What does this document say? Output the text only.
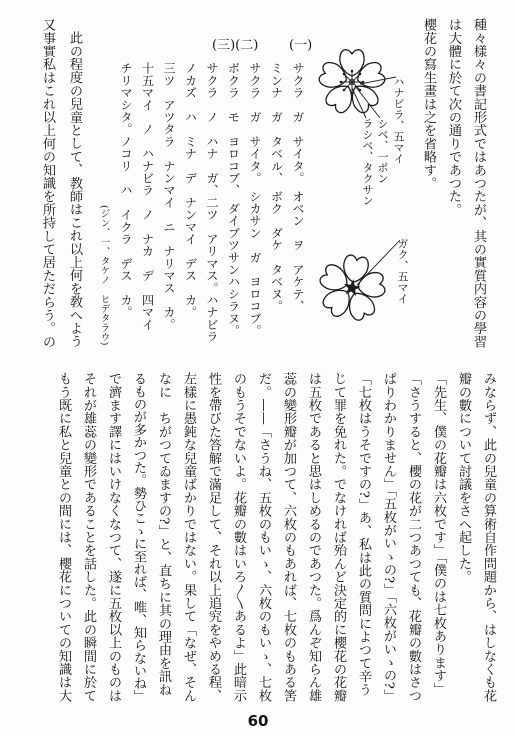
種々樣々の書記形式ではあつたが、其の實質内容の學習
は大體に於て次の通りであつた。
櫻花の寫生畫は之を省略す。
ハナビラ、五マイ
シベ、一ポン
ラシベ、タクサン
ガク、五マイ
(一)
(三)(二)
サクラ　ガ　サイタ。　オベン　ヲ　アケテ、
ミンナ　ガ　タベル、　ボク　ダケ　タベヌ。
サクラ　ガ　サイタ。　シカサン　ガ　ヨロコブ。
ボクラ　モ　ヨロコブ、　ダイブツサンハシラヌ。
サクラ　ノ　ハナ　ガ、二ツ　アリマス。ハナビラ
ノカズ　ハ　ミナ　デ　ナンマイ　デス　カ。
三ツ　アツタラ　ナンマイ　ニ　ナリマス　カ。
十五マイ　ノ　ハナビラ　ノ　ナカ　デ　四マイ
チリマシタ。ノコリ　ハ　イクラ　デス　カ。
(ジン、一、タケノ　ヒデタラウ)
此の程度の兒童として、教師はこれ以上何を敎へよう
又事實私はこれ以上何の知識を所持して居ただらう。の
みならず、此の兒童の算術自作問題から、はしなくも花
瓣の數について討議をさへ起した。
「先生、僕の花瓣は六枚です」「僕のは七枚あります」
「さうすると、櫻の花が二つあつても、花瓣の數はさつ
ぱりわかりません」「五枚がいゝの?」「六枚がいゝの?」
「七枚はうそですの?」あ、私は此の質問によつて辛う
じて罪を免れた。でなければ殆んど決定的に櫻花の花瓣
は五枚であると思はしめるのであつた。爲んぞ知らん雄
蕊の變形瓣が加つて、六枚のもあれば、七枚のもある筈
だ。——「さうね、五枚のもいゝ、六枚のもいゝ、七枚
のもうそでないよ。花瓣の數はいろ〳〵あるよ」此暗示
性を帶びた答解で滿足して、それ以上追究をやめる程、
左樣に愚鈍な兒童ばかりではない。果して「なぜ、そん
なに　ちがつてゐますの?」と、直ちに其の理由を訊ね
るものが多かつた。勢ひこゝに至れば、唯、知らないね」
で濟ます譯にはいけなくなつて、遂に五枚以上のものは
それが雄蕊の變形であることを話した。此の瞬間に於て
もう既に私と兒童との間には、櫻花についての知識は大
60
